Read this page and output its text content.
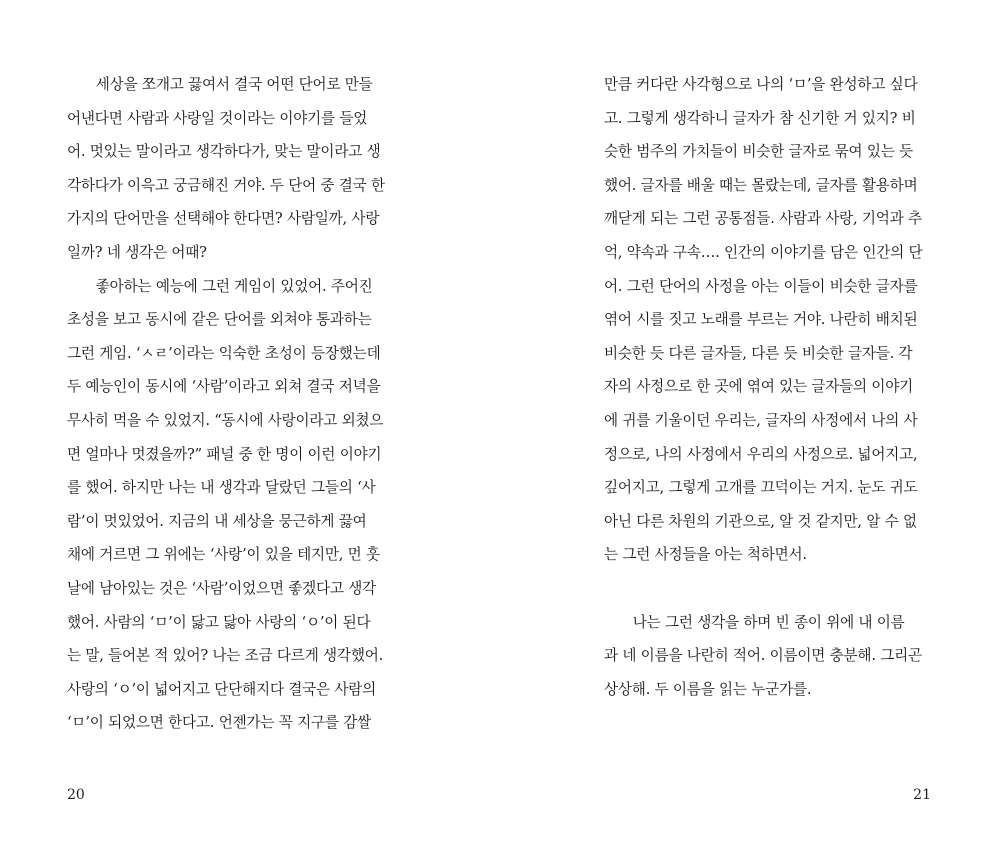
　　세상을 쪼개고 끓여서 결국 어떤 단어로 만들
어낸다면 사람과 사랑일 것이라는 이야기를 들었
어. 멋있는 말이라고 생각하다가, 맞는 말이라고 생
각하다가 이윽고 궁금해진 거야. 두 단어 중 결국 한
가지의 단어만을 선택해야 한다면? 사람일까, 사랑
일까? 네 생각은 어때?
　　좋아하는 예능에 그런 게임이 있었어. 주어진
초성을 보고 동시에 같은 단어를 외쳐야 통과하는
그런 게임. ‘ㅅㄹ’이라는 익숙한 초성이 등장했는데
두 예능인이 동시에 ‘사람’이라고 외쳐 결국 저녁을
무사히 먹을 수 있었지. “동시에 사랑이라고 외쳤으
면 얼마나 멋졌을까?” 패널 중 한 명이 이런 이야기
를 했어. 하지만 나는 내 생각과 달랐던 그들의 ‘사
람’이 멋있었어. 지금의 내 세상을 뭉근하게 끓여
채에 거르면 그 위에는 ‘사랑’이 있을 테지만, 먼 훗
날에 남아있는 것은 ‘사람’이었으면 좋겠다고 생각
했어. 사람의 ‘ㅁ’이 닳고 닳아 사랑의 ‘ㅇ’이 된다
는 말, 들어본 적 있어? 나는 조금 다르게 생각했어.
사랑의 ‘ㅇ’이 넓어지고 단단해지다 결국은 사람의
‘ㅁ’이 되었으면 한다고. 언젠가는 꼭 지구를 감쌀
20
만큼 커다란 사각형으로 나의 ‘ㅁ’을 완성하고 싶다
고. 그렇게 생각하니 글자가 참 신기한 거 있지? 비
슷한 범주의 가치들이 비슷한 글자로 묶여 있는 듯
했어. 글자를 배울 때는 몰랐는데, 글자를 활용하며
깨닫게 되는 그런 공통점들. 사람과 사랑, 기억과 추
억, 약속과 구속…. 인간의 이야기를 담은 인간의 단
어. 그런 단어의 사정을 아는 이들이 비슷한 글자를
엮어 시를 짓고 노래를 부르는 거야. 나란히 배치된
비슷한 듯 다른 글자들, 다른 듯 비슷한 글자들. 각
자의 사정으로 한 곳에 엮여 있는 글자들의 이야기
에 귀를 기울이던 우리는, 글자의 사정에서 나의 사
정으로, 나의 사정에서 우리의 사정으로. 넓어지고,
깊어지고, 그렇게 고개를 끄덕이는 거지. 눈도 귀도
아닌 다른 차원의 기관으로, 알 것 같지만, 알 수 없
는 그런 사정들을 아는 척하면서.
　　나는 그런 생각을 하며 빈 종이 위에 내 이름
과 네 이름을 나란히 적어. 이름이면 충분해. 그리곤
상상해. 두 이름을 읽는 누군가를.
21
